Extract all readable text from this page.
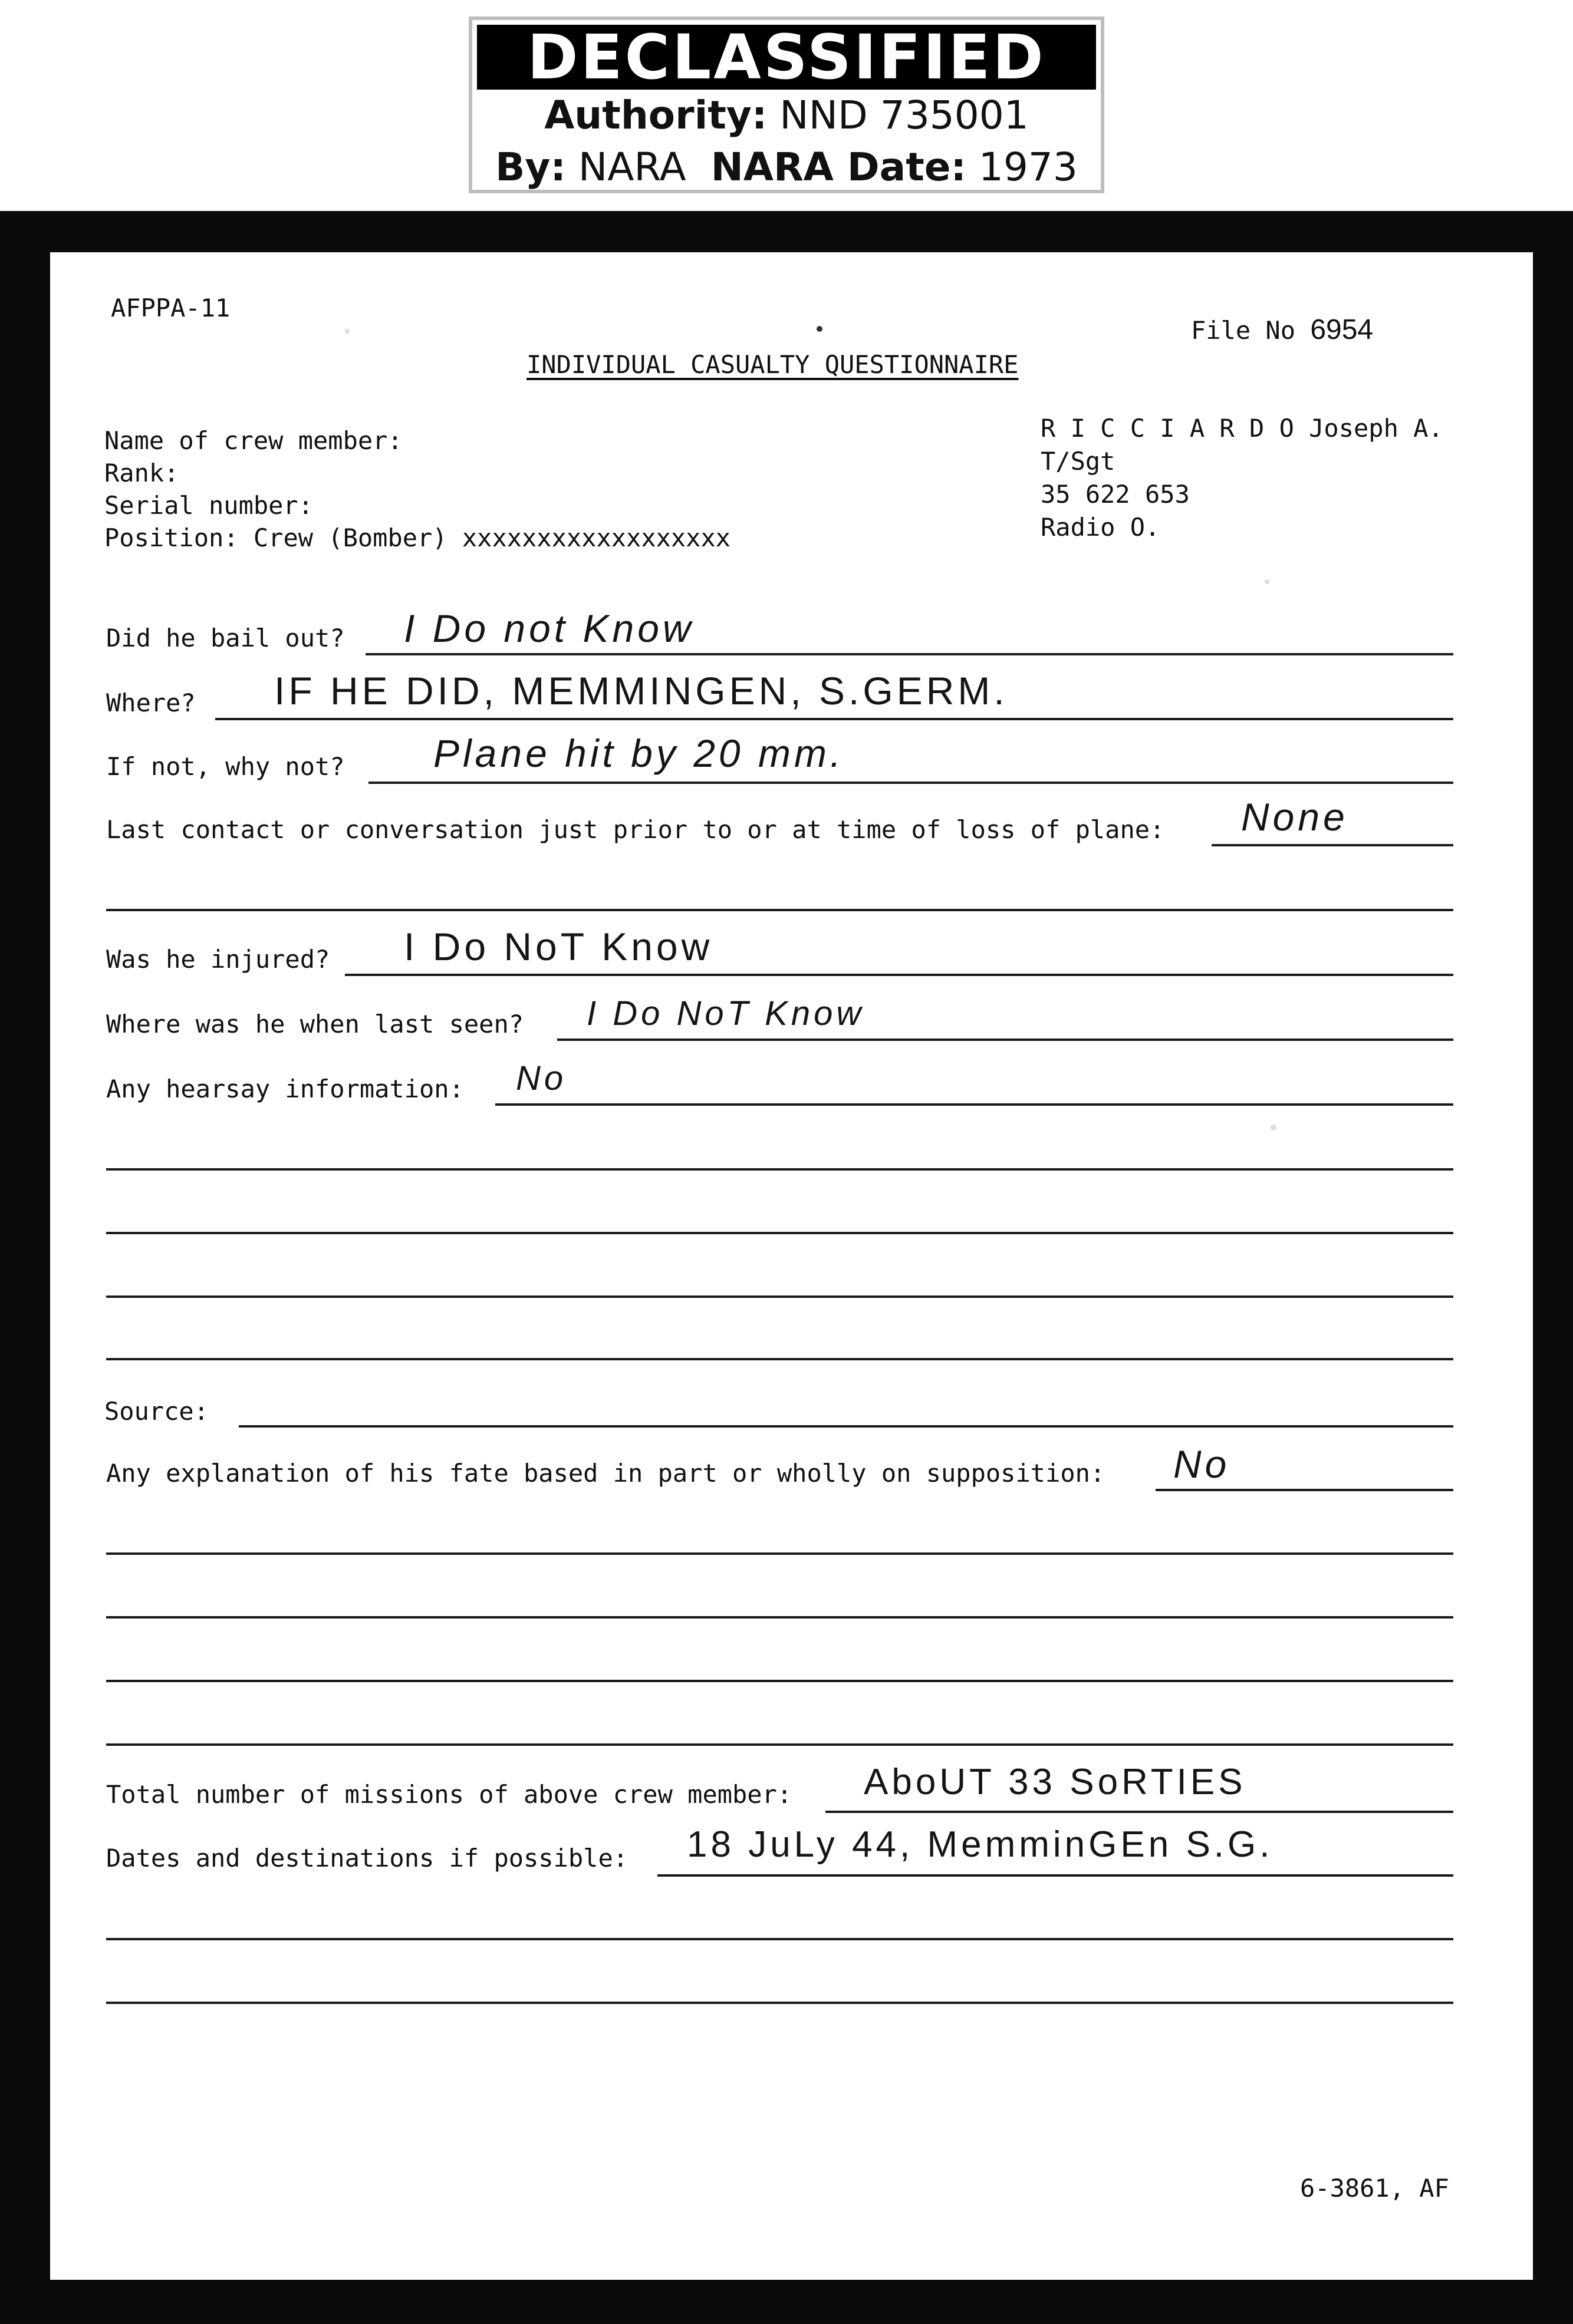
DECLASSIFIED
Authority: NND 735001
By: NARA NARA Date: 1973
AFPPA-11
File No 6954
INDIVIDUAL CASUALTY QUESTIONNAIRE
Name of crew member:
Rank:
Serial number:
Position: Crew (Bomber) xxxxxxxxxxxxxxxxxx
R I C C I A R D O Joseph A.
T/Sgt
35 622 653
Radio O.
Did he bail out? I Do not Know
Where? IF HE DID, MEMMINGEN, S.GERM.
If not, why not? Plane hit by 20 mm.
Last contact or conversation just prior to or at time of loss of plane: None
Was he injured? I Do NoT Know
Where was he when last seen? I Do NoT Know
Any hearsay information: No
Source:
Any explanation of his fate based in part or wholly on supposition: No
Total number of missions of above crew member: AboUT 33 SoRTIES
Dates and destinations if possible: 18 JuLy 44, MemminGEn S.G.
6-3861, AF
